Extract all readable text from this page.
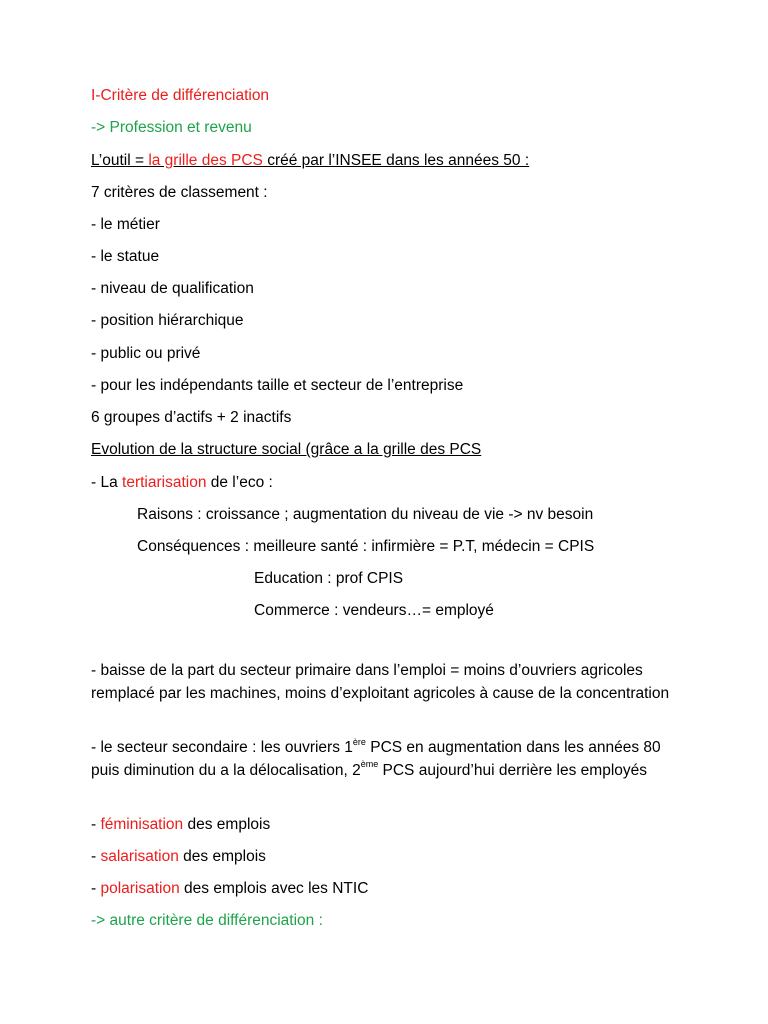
I-Critère de différenciation
-> Profession et revenu
L’outil = la grille des PCS créé par l’INSEE dans les années 50 :
7 critères de classement :
- le métier
- le statue
- niveau de qualification
- position hiérarchique
- public ou privé
- pour les indépendants taille et secteur de l’entreprise
6 groupes d’actifs + 2 inactifs
Evolution de la structure social (grâce a la grille des PCS
- La tertiarisation de l’eco :
Raisons : croissance ; augmentation du niveau de vie -> nv besoin
Conséquences : meilleure santé : infirmière = P.T, médecin = CPIS
Education : prof CPIS
Commerce : vendeurs…= employé
- baisse de la part du secteur primaire dans l’emploi = moins d’ouvriers agricoles remplacé par les machines, moins d’exploitant agricoles à cause de la concentration
- le secteur secondaire : les ouvriers 1ère PCS en augmentation dans les années 80 puis diminution du a la délocalisation, 2ème PCS aujourd’hui derrière les employés
- féminisation des emplois
- salarisation des emplois
- polarisation des emplois avec les NTIC
-> autre critère de différenciation :
